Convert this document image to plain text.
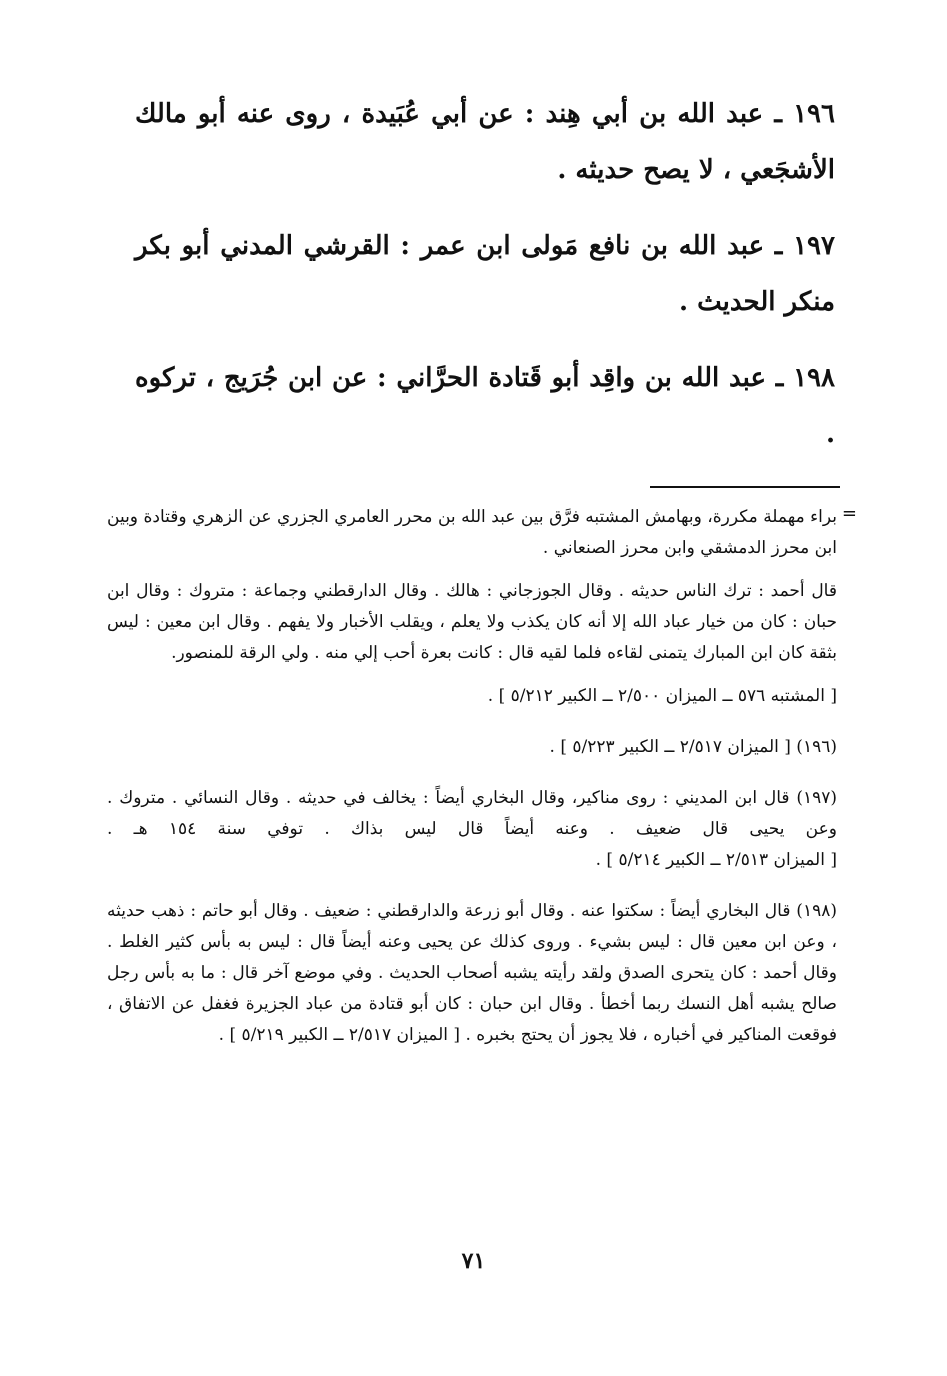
١٩٦ ـ عبد الله بن أبي هِند : عن أبي عُبَيدة ، روى عنه أبو مالك الأشجَعي ، لا يصح حديثه .

١٩٧ ـ عبد الله بن نافع مَولى ابن عمر : القرشي المدني أبو بكر منكر الحديث .

١٩٨ ـ عبد الله بن واقِد أبو قَتادة الحرَّاني : عن ابن جُرَيج ، تركوه .

=

براء مهملة مكررة، وبهامش المشتبه فرَّق بين عبد الله بن محرر العامري الجزري عن الزهري وقتادة وبين ابن محرز الدمشقي وابن محرز الصنعاني .

قال أحمد : ترك الناس حديثه . وقال الجوزجاني : هالك . وقال الدارقطني وجماعة : متروك : وقال ابن حبان : كان من خيار عباد الله إلا أنه كان يكذب ولا يعلم ، ويقلب الأخبار ولا يفهم . وقال ابن معين : ليس بثقة كان ابن المبارك يتمنى لقاءه فلما لقيه قال : كانت بعرة أحب إلي منه . ولي الرقة للمنصور.

[ المشتبه ٥٧٦ ــ الميزان ٢/٥٠٠ ــ الكبير ٥/٢١٢ ] .

(١٩٦) [ الميزان ٢/٥١٧ ــ الكبير ٥/٢٢٣ ] .

(١٩٧) قال ابن المديني : روى مناكير، وقال البخاري أيضاً : يخالف في حديثه . وقال النسائي . متروك . وعن يحيى قال ضعيف . وعنه أيضاً قال ليس بذاك . توفي سنة ١٥٤ هـ . [ الميزان ٢/٥١٣ ــ الكبير ٥/٢١٤ ] .

(١٩٨) قال البخاري أيضاً : سكتوا عنه . وقال أبو زرعة والدارقطني : ضعيف . وقال أبو حاتم : ذهب حديثه ، وعن ابن معين قال : ليس بشيء . وروى كذلك عن يحيى وعنه أيضاً قال : ليس به بأس كثير الغلط . وقال أحمد : كان يتحرى الصدق ولقد رأيته يشبه أصحاب الحديث . وفي موضع آخر قال : ما به بأس رجل صالح يشبه أهل النسك ربما أخطأ . وقال ابن حبان : كان أبو قتادة من عباد الجزيرة فغفل عن الاتفاق ، فوقعت المناكير في أخباره ، فلا يجوز أن يحتج بخبره . [ الميزان ٢/٥١٧ ــ الكبير ٥/٢١٩ ] .

٧١
